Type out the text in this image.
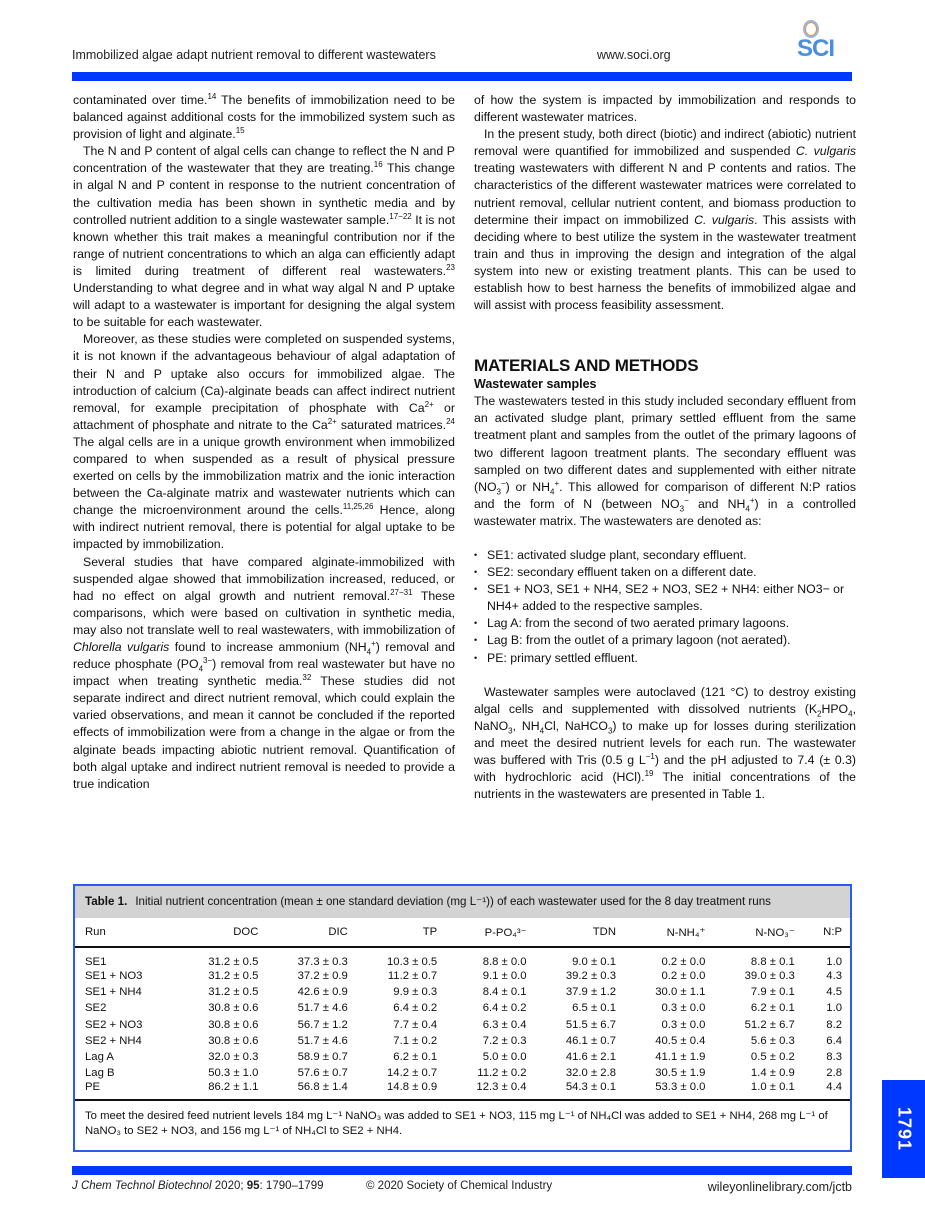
Immobilized algae adapt nutrient removal to different wastewaters	www.soci.org	SCI

contaminated over time.$^{14}$ The benefits of immobilization need to be balanced against additional costs for the immobilized system such as provision of light and alginate.$^{15}$

The N and P content of algal cells can change to reflect the N and P concentration of the wastewater that they are treating.$^{16}$ This change in algal N and P content in response to the nutrient concentration of the cultivation media has been shown in synthetic media and by controlled nutrient addition to a single wastewater sample.$^{17-22}$ It is not known whether this trait makes a meaningful contribution nor if the range of nutrient concentrations to which an alga can efficiently adapt is limited during treatment of different real wastewaters.$^{23}$ Understanding to what degree and in what way algal N and P uptake will adapt to a wastewater is important for designing the algal system to be suitable for each wastewater.

Moreover, as these studies were completed on suspended systems, it is not known if the advantageous behaviour of algal adaptation of their N and P uptake also occurs for immobilized algae. The introduction of calcium (Ca)-alginate beads can affect indirect nutrient removal, for example precipitation of phosphate with $Ca^{2+}$ or attachment of phosphate and nitrate to the $Ca^{2+}$ saturated matrices.$^{24}$ The algal cells are in a unique growth environment when immobilized compared to when suspended as a result of physical pressure exerted on cells by the immobilization matrix and the ionic interaction between the Ca-alginate matrix and wastewater nutrients which can change the microenvironment around the cells.$^{11,25,26}$ Hence, along with indirect nutrient removal, there is potential for algal uptake to be impacted by immobilization.

Several studies that have compared alginate-immobilized with suspended algae showed that immobilization increased, reduced, or had no effect on algal growth and nutrient removal.$^{27-31}$ These comparisons, which were based on cultivation in synthetic media, may also not translate well to real wastewaters, with immobilization of Chlorella vulgaris found to increase ammonium $(NH_4^+)$ removal and reduce phosphate $(PO_4^{3-})$ removal from real wastewater but have no impact when treating synthetic media.$^{32}$ These studies did not separate indirect and direct nutrient removal, which could explain the varied observations, and mean it cannot be concluded if the reported effects of immobilization were from a change in the algae or from the alginate beads impacting abiotic nutrient removal. Quantification of both algal uptake and indirect nutrient removal is needed to provide a true indication

of how the system is impacted by immobilization and responds to different wastewater matrices.

In the present study, both direct (biotic) and indirect (abiotic) nutrient removal were quantified for immobilized and suspended C. vulgaris treating wastewaters with different N and P contents and ratios. The characteristics of the different wastewater matrices were correlated to nutrient removal, cellular nutrient content, and biomass production to determine their impact on immobilized C. vulgaris. This assists with deciding where to best utilize the system in the wastewater treatment train and thus in improving the design and integration of the algal system into new or existing treatment plants. This can be used to establish how to best harness the benefits of immobilized algae and will assist with process feasibility assessment.

MATERIALS AND METHODS
Wastewater samples

The wastewaters tested in this study included secondary effluent from an activated sludge plant, primary settled effluent from the same treatment plant and samples from the outlet of the primary lagoons of two different lagoon treatment plants. The secondary effluent was sampled on two different dates and supplemented with either nitrate $(NO_3^-)$ or $NH_4^+$. This allowed for comparison of different N:P ratios and the form of N (between $NO_3^-$ and $NH_4^+$) in a controlled wastewater matrix. The wastewaters are denoted as:

• SE1: activated sludge plant, secondary effluent.
• SE2: secondary effluent taken on a different date.
• SE1 + NO3, SE1 + NH4, SE2 + NO3, SE2 + NH4: either NO3− or NH4+ added to the respective samples.
• Lag A: from the second of two aerated primary lagoons.
• Lag B: from the outlet of a primary lagoon (not aerated).
• PE: primary settled effluent.

Wastewater samples were autoclaved (121 °C) to destroy existing algal cells and supplemented with dissolved nutrients ($K_2HPO_4$, NaNO$_3$, $NH_4Cl$, NaHCO$_3$) to make up for losses during sterilization and meet the desired nutrient levels for each run. The wastewater was buffered with Tris (0.5 g $L^{-1}$) and the pH adjusted to 7.4 (± 0.3) with hydrochloric acid (HCl).$^{19}$ The initial concentrations of the nutrients in the wastewaters are presented in Table 1.

Table 1. Initial nutrient concentration (mean ± one standard deviation (mg L⁻¹)) of each wastewater used for the 8 day treatment runs
Run	DOC	DIC	TP	P-PO₄³⁻	TDN	N-NH₄⁺	N-NO₃⁻	N:P
SE1	31.2 ± 0.5	37.3 ± 0.3	10.3 ± 0.5	8.8 ± 0.0	9.0 ± 0.1	0.2 ± 0.0	8.8 ± 0.1	1.0
SE1 + NO3	31.2 ± 0.5	37.2 ± 0.9	11.2 ± 0.7	9.1 ± 0.0	39.2 ± 0.3	0.2 ± 0.0	39.0 ± 0.3	4.3
SE1 + NH4	31.2 ± 0.5	42.6 ± 0.9	9.9 ± 0.3	8.4 ± 0.1	37.9 ± 1.2	30.0 ± 1.1	7.9 ± 0.1	4.5
SE2	30.8 ± 0.6	51.7 ± 4.6	6.4 ± 0.2	6.4 ± 0.2	6.5 ± 0.1	0.3 ± 0.0	6.2 ± 0.1	1.0
SE2 + NO3	30.8 ± 0.6	56.7 ± 1.2	7.7 ± 0.4	6.3 ± 0.4	51.5 ± 6.7	0.3 ± 0.0	51.2 ± 6.7	8.2
SE2 + NH4	30.8 ± 0.6	51.7 ± 4.6	7.1 ± 0.2	7.2 ± 0.3	46.1 ± 0.7	40.5 ± 0.4	5.6 ± 0.3	6.4
Lag A	32.0 ± 0.3	58.9 ± 0.7	6.2 ± 0.1	5.0 ± 0.0	41.6 ± 2.1	41.1 ± 1.9	0.5 ± 0.2	8.3
Lag B	50.3 ± 1.0	57.6 ± 0.7	14.2 ± 0.7	11.2 ± 0.2	32.0 ± 2.8	30.5 ± 1.9	1.4 ± 0.9	2.8
PE	86.2 ± 1.1	56.8 ± 1.4	14.8 ± 0.9	12.3 ± 0.4	54.3 ± 0.1	53.3 ± 0.0	1.0 ± 0.1	4.4
To meet the desired feed nutrient levels 184 mg L⁻¹ NaNO₃ was added to SE1 + NO3, 115 mg L⁻¹ of NH₄Cl was added to SE1 + NH4, 268 mg L⁻¹ of NaNO₃ to SE2 + NO3, and 156 mg L⁻¹ of NH₄Cl to SE2 + NH4.
J Chem Technol Biotechnol 2020; 95: 1790–1799	© 2020 Society of Chemical Industry	wileyonlinelibrary.com/jctb
1791
